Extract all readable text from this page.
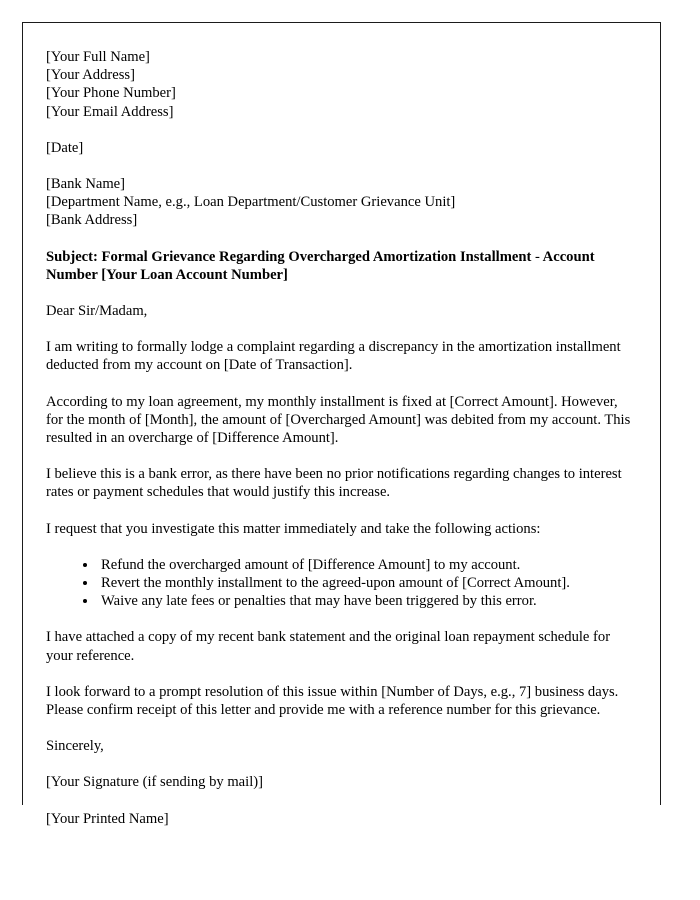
[Your Full Name]
[Your Address]
[Your Phone Number]
[Your Email Address]
[Date]
[Bank Name]
[Department Name, e.g., Loan Department/Customer Grievance Unit]
[Bank Address]
Subject: Formal Grievance Regarding Overcharged Amortization Installment - Account Number [Your Loan Account Number]
Dear Sir/Madam,
I am writing to formally lodge a complaint regarding a discrepancy in the amortization installment deducted from my account on [Date of Transaction].
According to my loan agreement, my monthly installment is fixed at [Correct Amount]. However, for the month of [Month], the amount of [Overcharged Amount] was debited from my account. This resulted in an overcharge of [Difference Amount].
I believe this is a bank error, as there have been no prior notifications regarding changes to interest rates or payment schedules that would justify this increase.
I request that you investigate this matter immediately and take the following actions:
• Refund the overcharged amount of [Difference Amount] to my account.
• Revert the monthly installment to the agreed-upon amount of [Correct Amount].
• Waive any late fees or penalties that may have been triggered by this error.
I have attached a copy of my recent bank statement and the original loan repayment schedule for your reference.
I look forward to a prompt resolution of this issue within [Number of Days, e.g., 7] business days. Please confirm receipt of this letter and provide me with a reference number for this grievance.
Sincerely,
[Your Signature (if sending by mail)]
[Your Printed Name]
